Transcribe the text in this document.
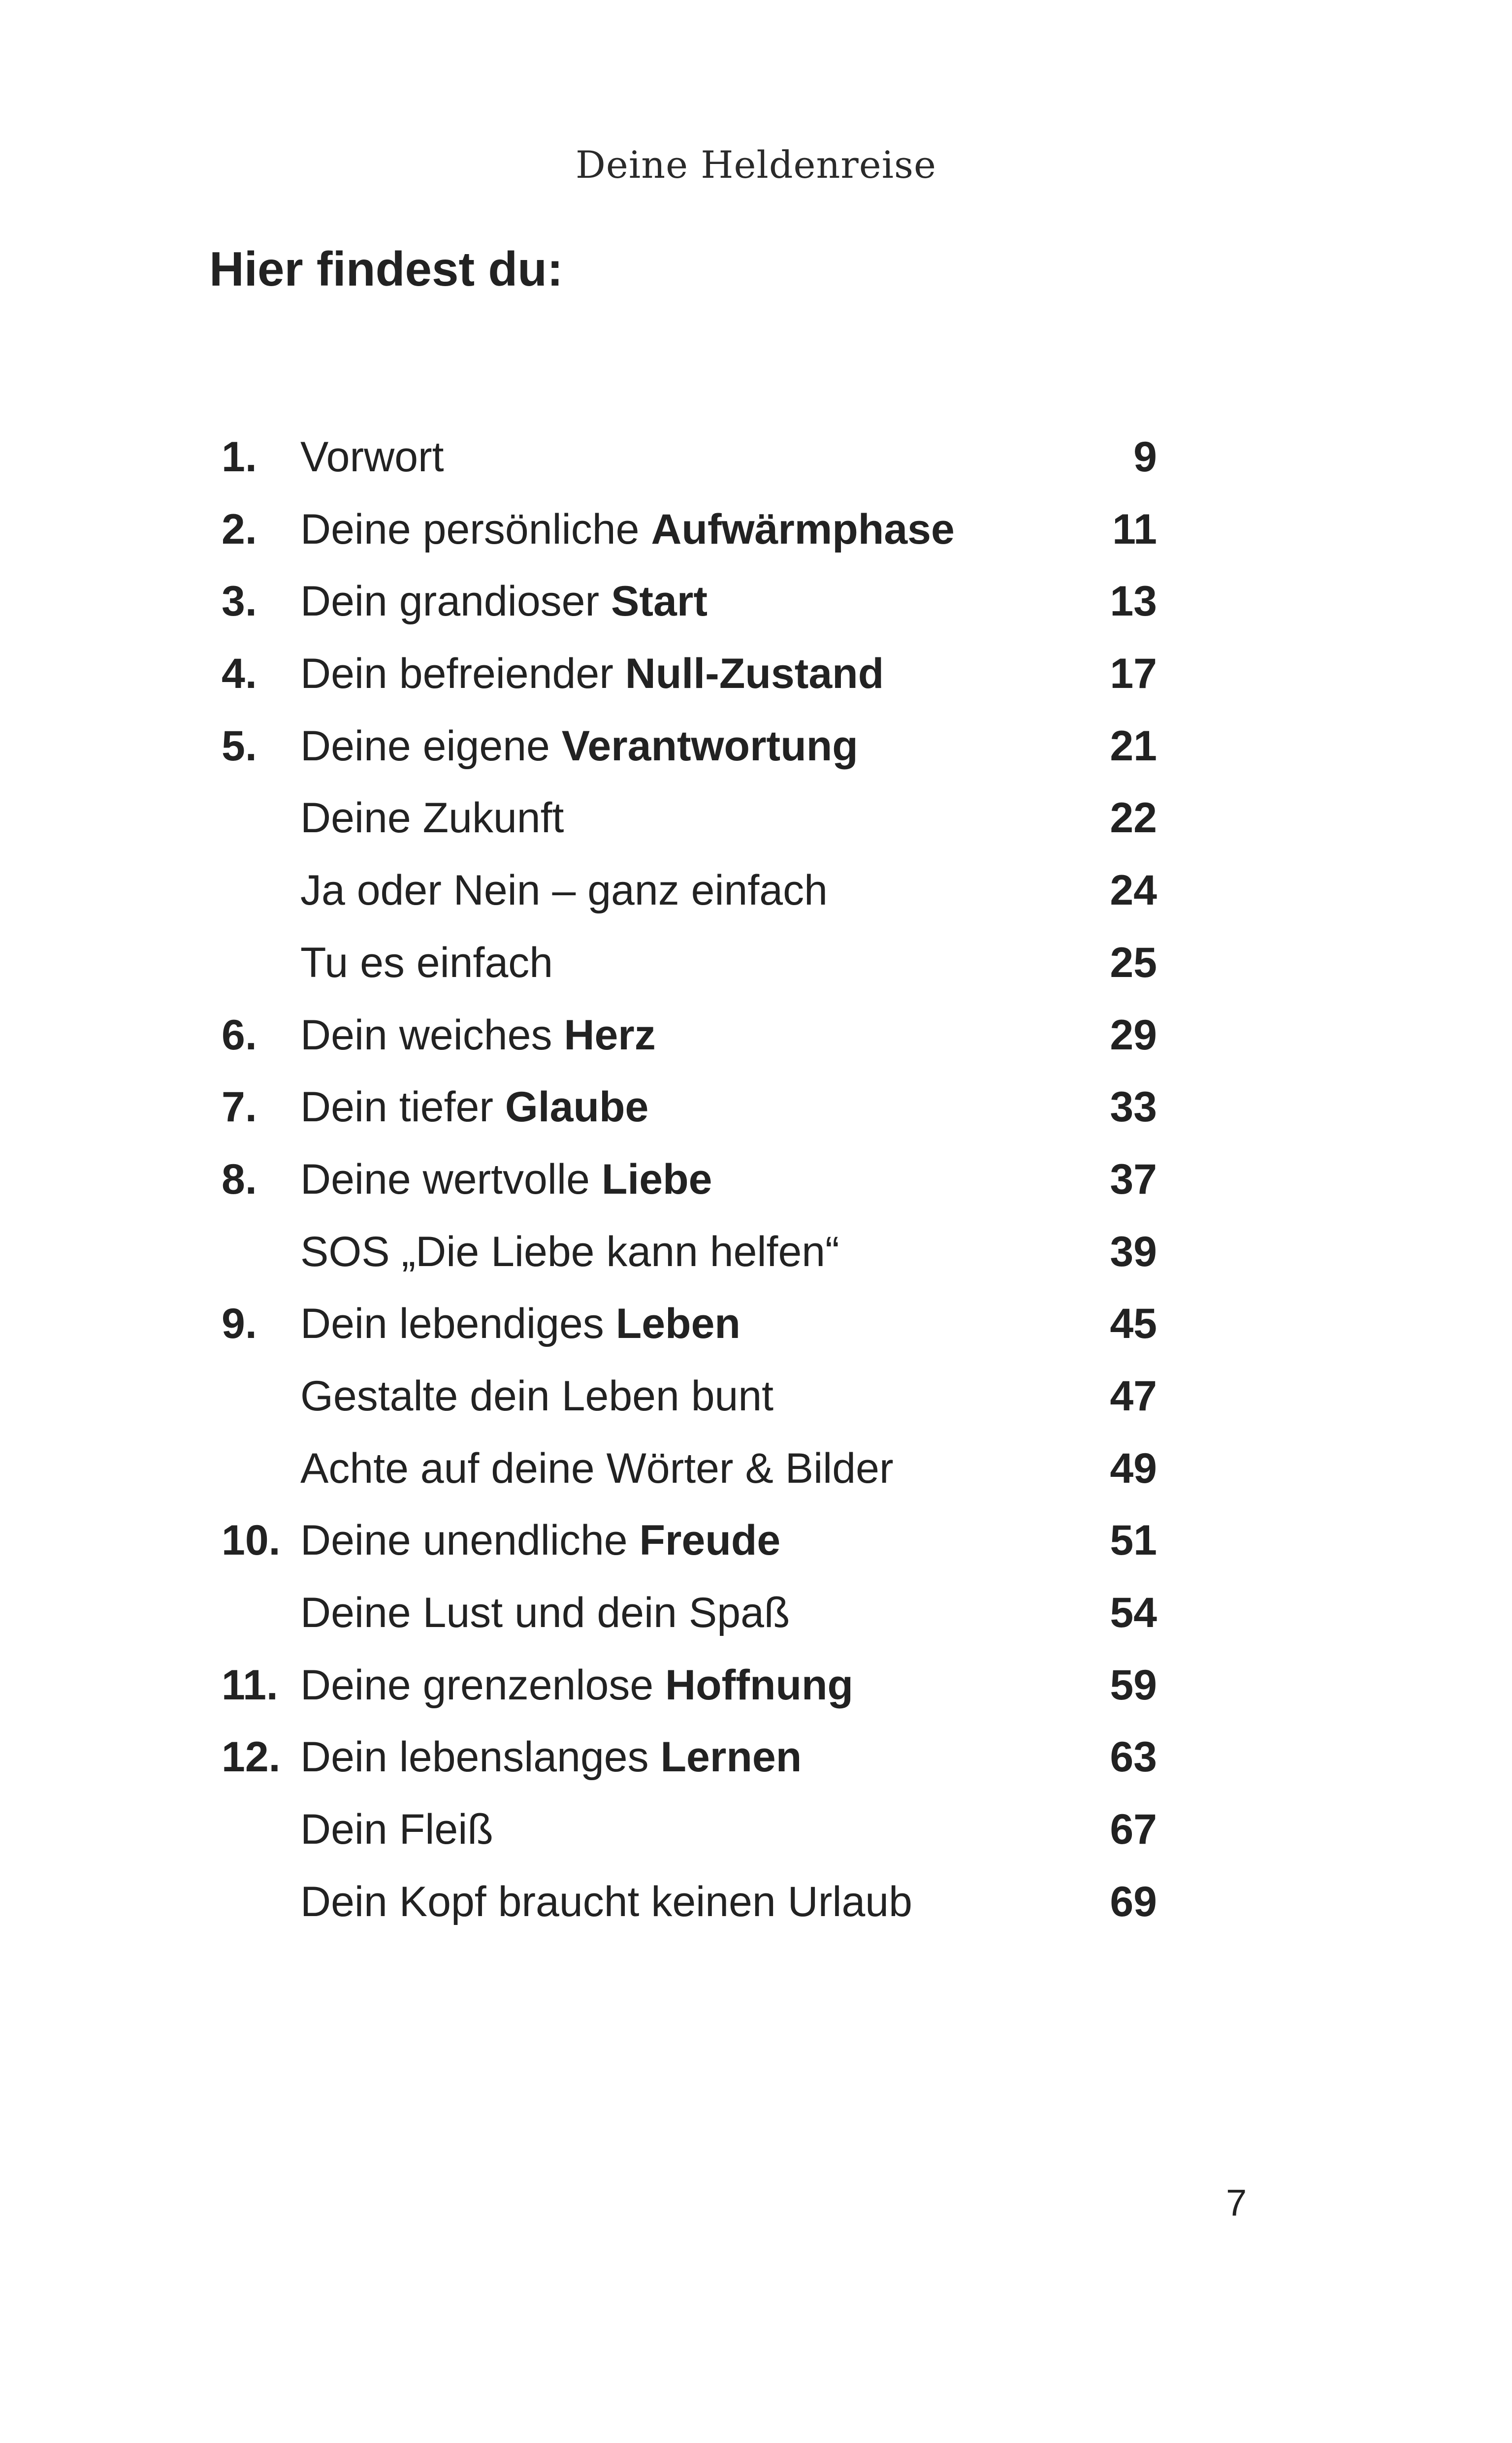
Deine Heldenreise
Hier findest du:
1.	Vorwort	9
2.	Deine persönliche Aufwärmphase	11
3.	Dein grandioser Start	13
4.	Dein befreiender Null-Zustand	17
5.	Deine eigene Verantwortung	21
Deine Zukunft	22
Ja oder Nein – ganz einfach	24
Tu es einfach	25
6.	Dein weiches Herz	29
7.	Dein tiefer Glaube	33
8.	Deine wertvolle Liebe	37
SOS „Die Liebe kann helfen“	39
9.	Dein lebendiges Leben	45
Gestalte dein Leben bunt	47
Achte auf deine Wörter & Bilder	49
10. Deine unendliche Freude	51
Deine Lust und dein Spaß	54
11. Deine grenzenlose Hoffnung	59
12. Dein lebenslanges Lernen	63
Dein Fleiß	67
Dein Kopf braucht keinen Urlaub	69
7
